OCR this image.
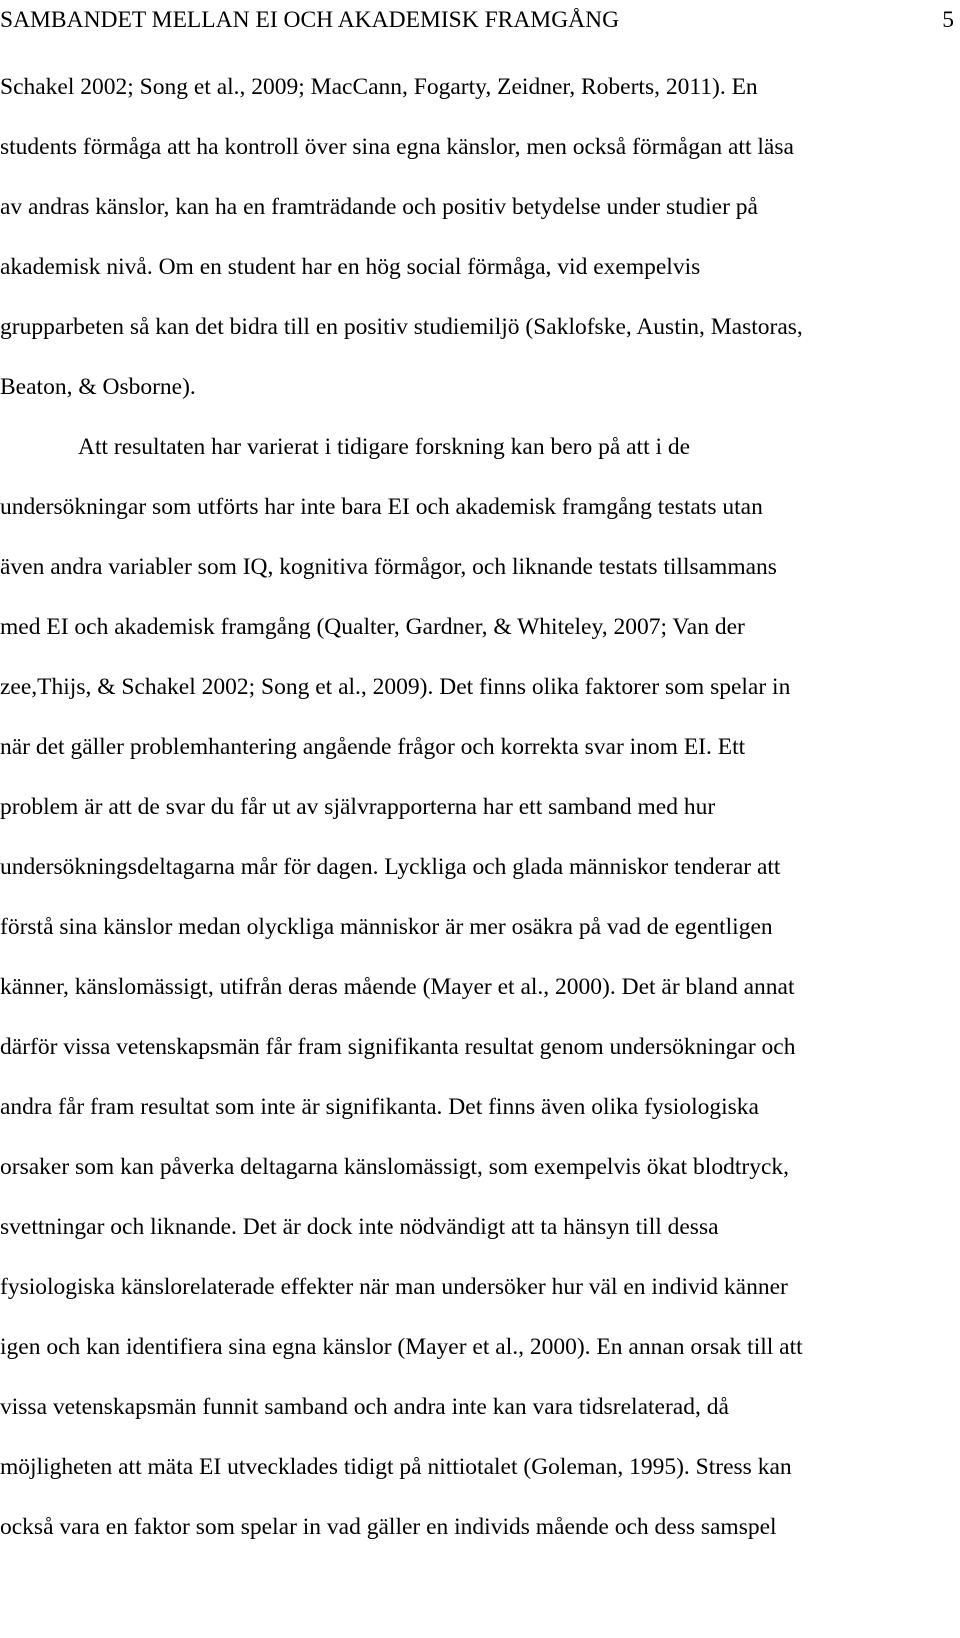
SAMBANDET MELLAN EI OCH AKADEMISK FRAMGÅNG	5
Schakel 2002; Song et al., 2009; MacCann, Fogarty, Zeidner, Roberts, 2011). En
students förmåga att ha kontroll över sina egna känslor, men också förmågan att läsa
av andras känslor, kan ha en framträdande och positiv betydelse under studier på
akademisk nivå. Om en student har en hög social förmåga, vid exempelvis
grupparbeten så kan det bidra till en positiv studiemiljö (Saklofske, Austin, Mastoras,
Beaton, & Osborne).
Att resultaten har varierat i tidigare forskning kan bero på att i de
undersökningar som utförts har inte bara EI och akademisk framgång testats utan
även andra variabler som IQ, kognitiva förmågor, och liknande testats tillsammans
med EI och akademisk framgång (Qualter, Gardner, & Whiteley, 2007; Van der
zee,Thijs, & Schakel 2002; Song et al., 2009). Det finns olika faktorer som spelar in
när det gäller problemhantering angående frågor och korrekta svar inom EI. Ett
problem är att de svar du får ut av självrapporterna har ett samband med hur
undersökningsdeltagarna mår för dagen. Lyckliga och glada människor tenderar att
förstå sina känslor medan olyckliga människor är mer osäkra på vad de egentligen
känner, känslomässigt, utifrån deras mående (Mayer et al., 2000). Det är bland annat
därför vissa vetenskapsmän får fram signifikanta resultat genom undersökningar och
andra får fram resultat som inte är signifikanta. Det finns även olika fysiologiska
orsaker som kan påverka deltagarna känslomässigt, som exempelvis ökat blodtryck,
svettningar och liknande. Det är dock inte nödvändigt att ta hänsyn till dessa
fysiologiska känslorelaterade effekter när man undersöker hur väl en individ känner
igen och kan identifiera sina egna känslor (Mayer et al., 2000). En annan orsak till att
vissa vetenskapsmän funnit samband och andra inte kan vara tidsrelaterad, då
möjligheten att mäta EI utvecklades tidigt på nittiotalet (Goleman, 1995). Stress kan
också vara en faktor som spelar in vad gäller en individs mående och dess samspel
